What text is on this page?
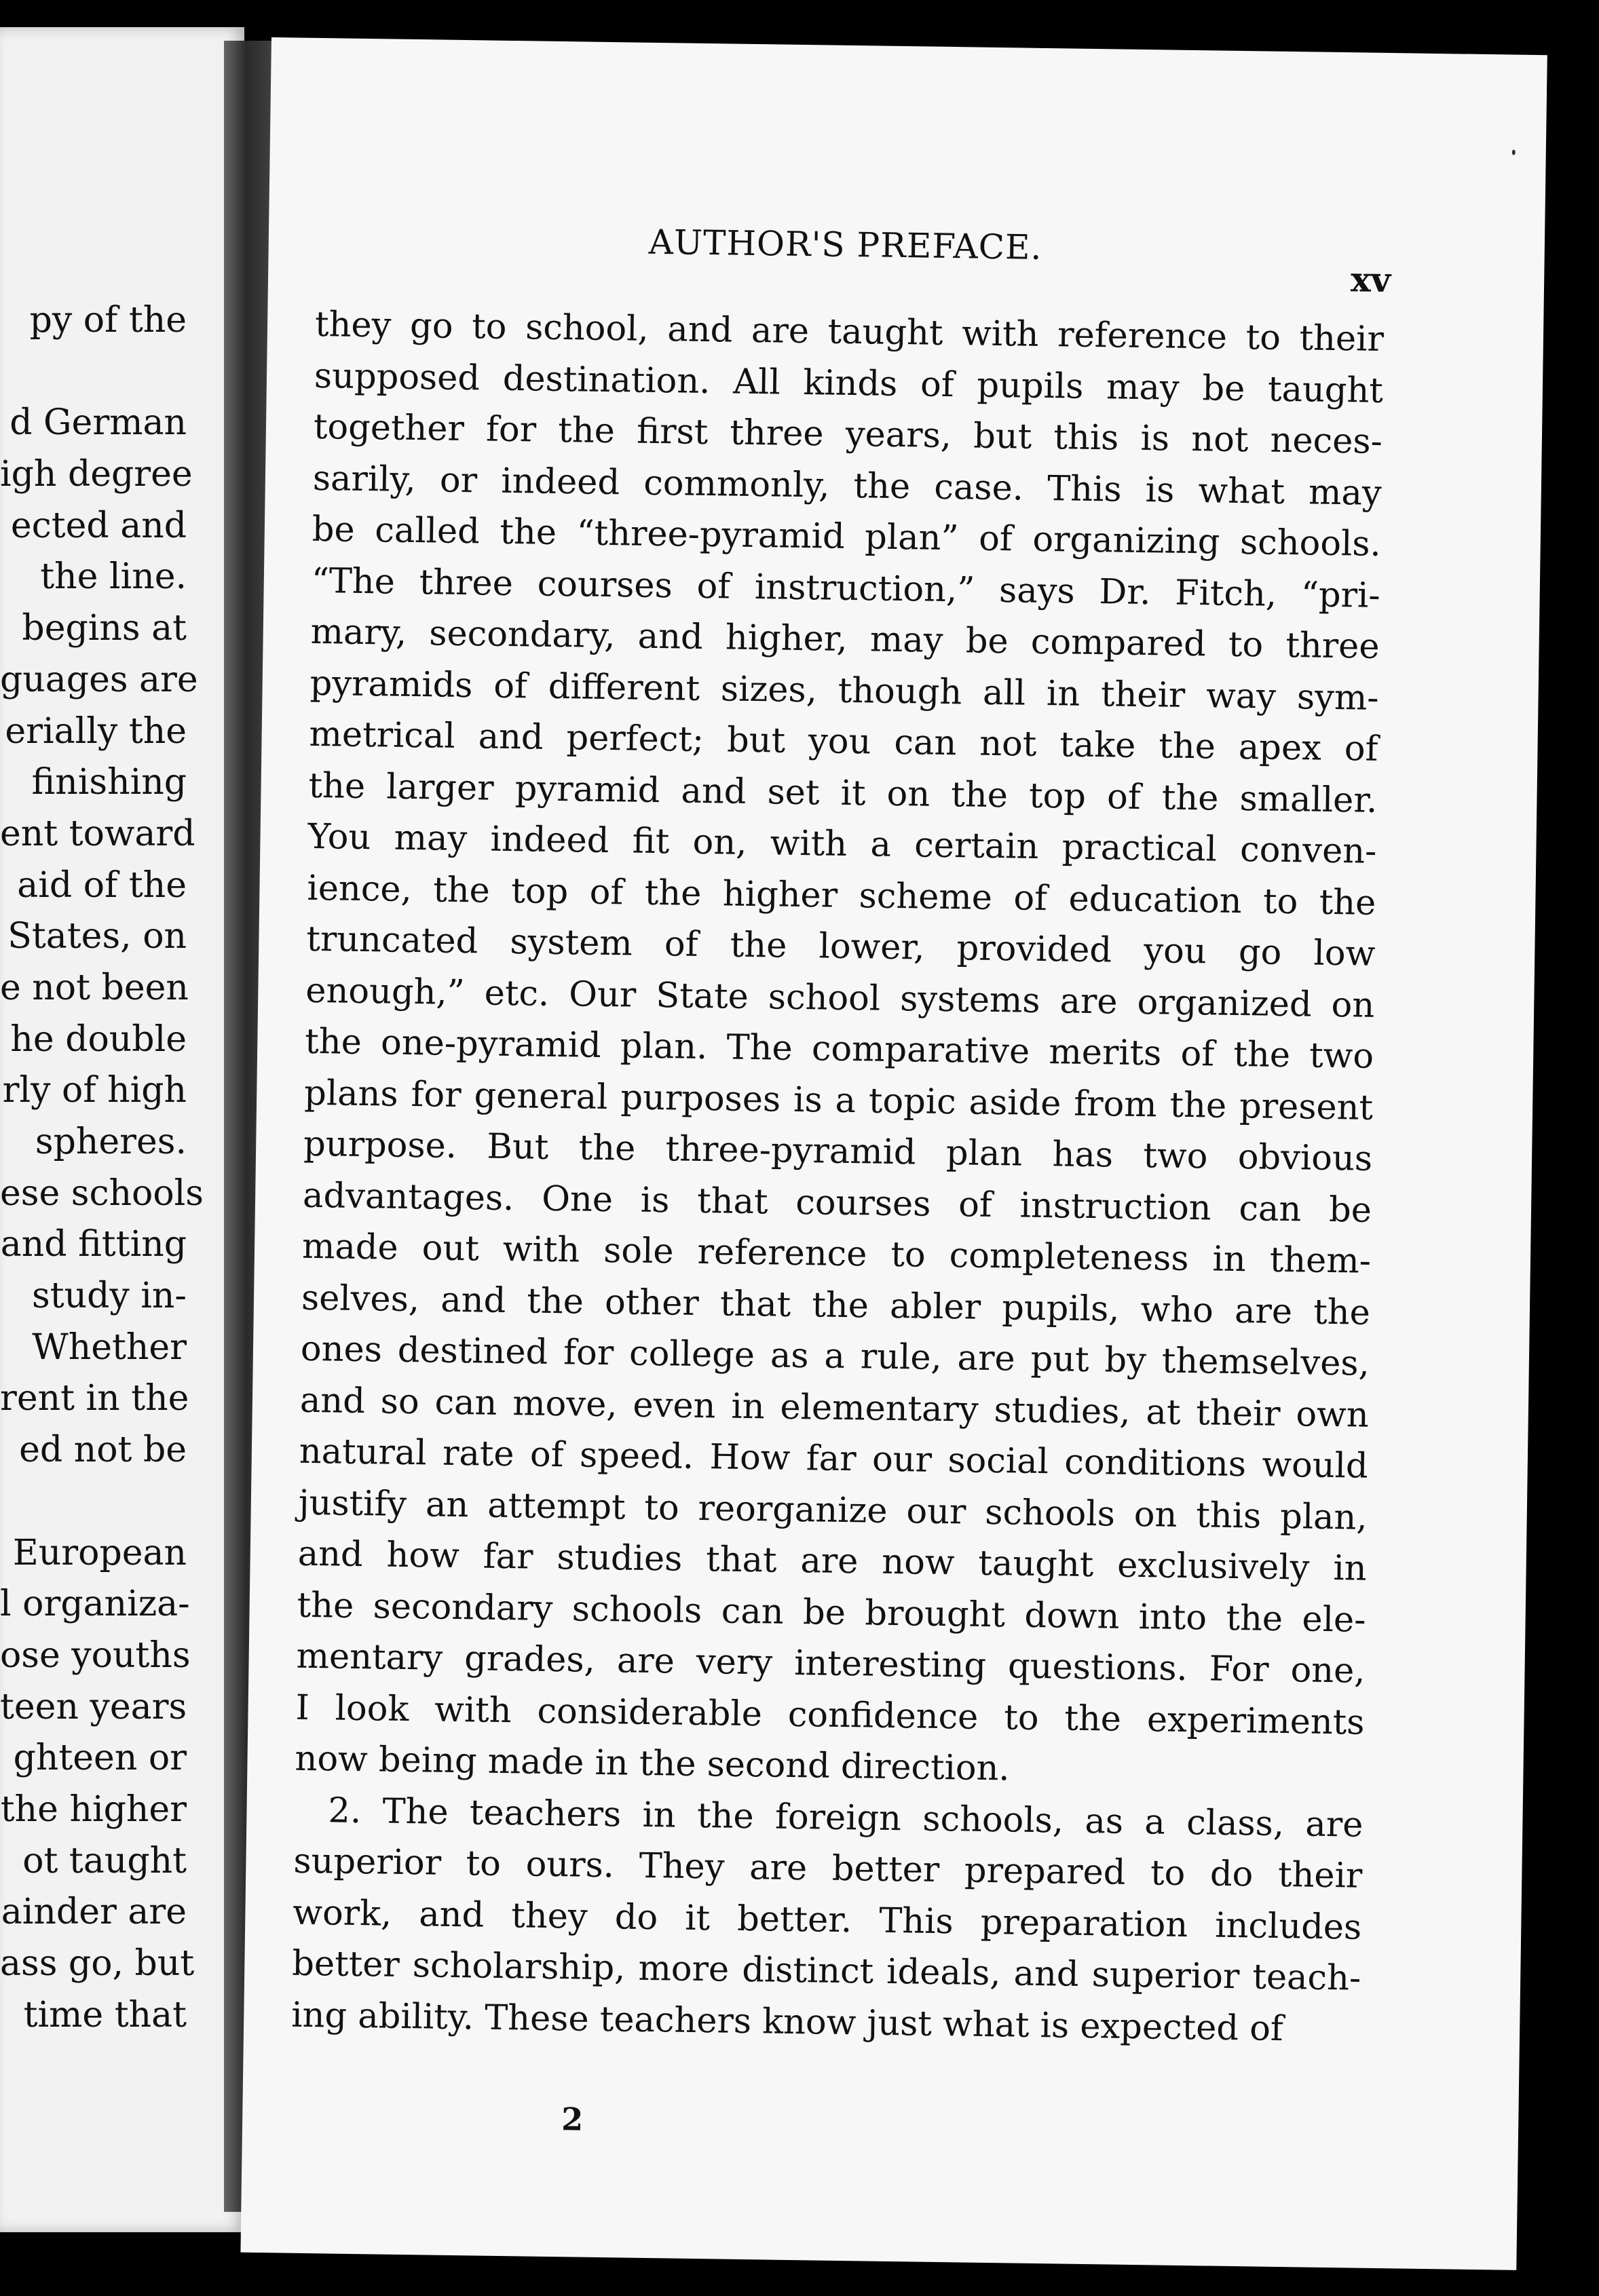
py of the
d German
igh degree
ected and
the line.
begins at
guages are
erially the
finishing
ent toward
aid of the
States, on
e not been
he double
rly of high
spheres.
ese schools
and fitting
study in-
Whether
rent in the
ed not be
European
l organiza-
ose youths
teen years
ghteen or
the higher
ot taught
ainder are
ass go, but
time that
AUTHOR'S PREFACE.
xv
they go to school, and are taught with reference to their
supposed destination. All kinds of pupils may be taught
together for the first three years, but this is not neces-
sarily, or indeed commonly, the case. This is what may
be called the “three-pyramid plan” of organizing schools.
“The three courses of instruction,” says Dr. Fitch, “pri-
mary, secondary, and higher, may be compared to three
pyramids of different sizes, though all in their way sym-
metrical and perfect; but you can not take the apex of
the larger pyramid and set it on the top of the smaller.
You may indeed fit on, with a certain practical conven-
ience, the top of the higher scheme of education to the
truncated system of the lower, provided you go low
enough,” etc. Our State school systems are organized on
the one-pyramid plan. The comparative merits of the two
plans for general purposes is a topic aside from the present
purpose. But the three-pyramid plan has two obvious
advantages. One is that courses of instruction can be
made out with sole reference to completeness in them-
selves, and the other that the abler pupils, who are the
ones destined for college as a rule, are put by themselves,
and so can move, even in elementary studies, at their own
natural rate of speed. How far our social conditions would
justify an attempt to reorganize our schools on this plan,
and how far studies that are now taught exclusively in
the secondary schools can be brought down into the ele-
mentary grades, are very interesting questions. For one,
I look with considerable confidence to the experiments
now being made in the second direction.
2. The teachers in the foreign schools, as a class, are
superior to ours. They are better prepared to do their
work, and they do it better. This preparation includes
better scholarship, more distinct ideals, and superior teach-
ing ability. These teachers know just what is expected of
2
